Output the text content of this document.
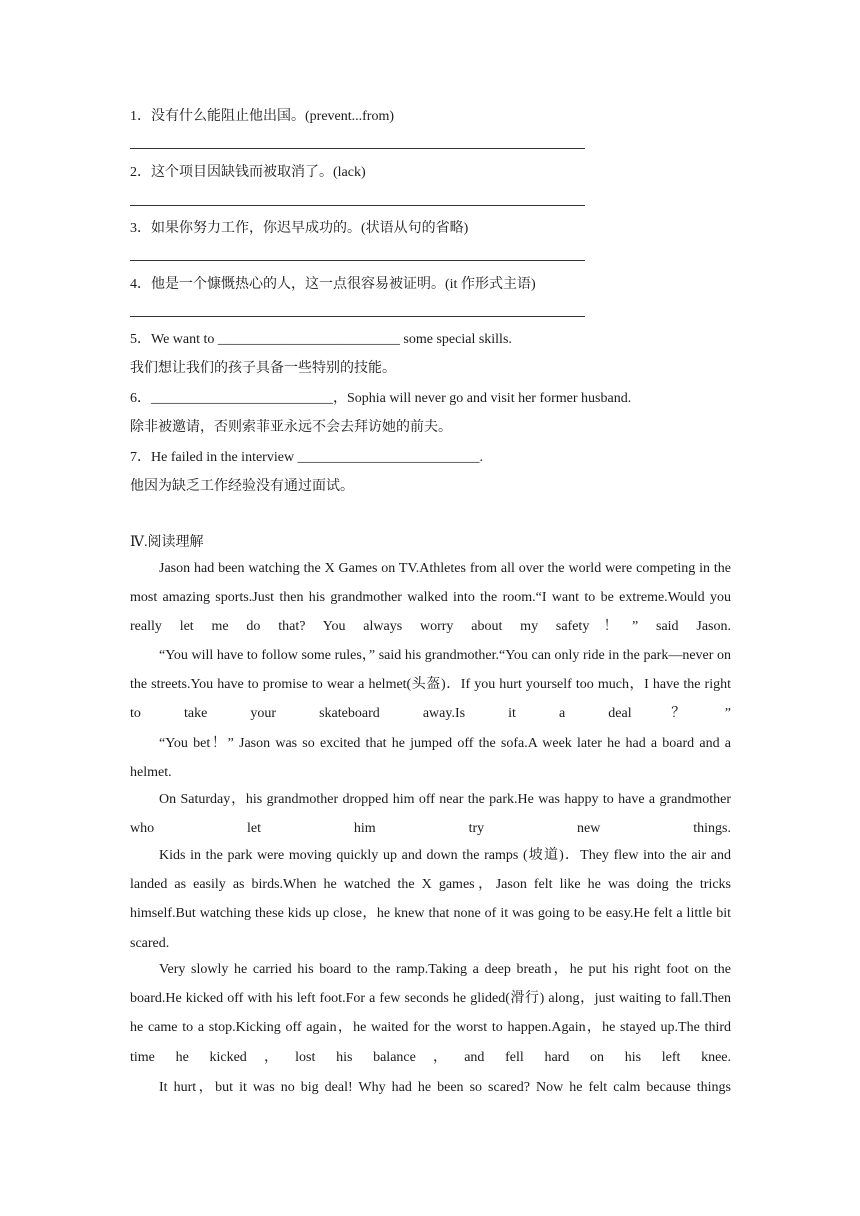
1．没有什么能阻止他出国。(prevent...from)
2．这个项目因缺钱而被取消了。(lack)
3．如果你努力工作，你迟早成功的。(状语从句的省略)
4．他是一个慷慨热心的人，这一点很容易被证明。(it 作形式主语)
5．We want to __________________________ some special skills.
我们想让我们的孩子具备一些特别的技能。
6．__________________________，Sophia will never go and visit her former husband.
除非被邀请，否则索菲亚永远不会去拜访她的前夫。
7．He failed in the interview __________________________.
他因为缺乏工作经验没有通过面试。
Ⅳ.阅读理解
Jason had been watching the X Games on TV.Athletes from all over the world were competing in the most amazing sports.Just then his grandmother walked into the room.“I want to be extreme.Would you really let me do that? You always worry about my safety！” said Jason.
“You will have to follow some rules，” said his grandmother.“You can only ride in the park—never on the streets.You have to promise to wear a helmet(头盔)．If you hurt yourself too much，I have the right to take your skateboard away.Is it a deal？”
“You bet！” Jason was so excited that he jumped off the sofa.A week later he had a board and a helmet.
On Saturday，his grandmother dropped him off near the park.He was happy to have a grandmother who let him try new things.
Kids in the park were moving quickly up and down the ramps (坡道)．They flew into the air and landed as easily as birds.When he watched the X games，Jason felt like he was doing the tricks himself.But watching these kids up close，he knew that none of it was going to be easy.He felt a little bit scared.
Very slowly he carried his board to the ramp.Taking a deep breath，he put his right foot on the board.He kicked off with his left foot.For a few seconds he glided(滑行) along，just waiting to fall.Then he came to a stop.Kicking off again，he waited for the worst to happen.Again，he stayed up.The third time he kicked，lost his balance，and fell hard on his left knee.
It hurt，but it was no big deal! Why had he been so scared? Now he felt calm because things
